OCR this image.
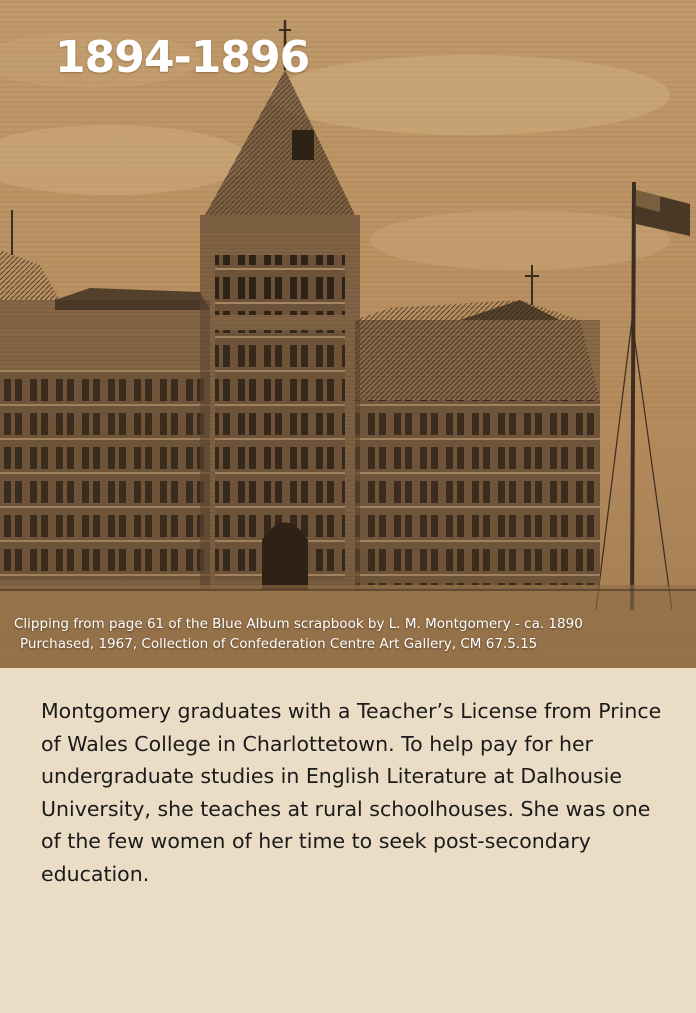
1894-1896
Clipping from page 61 of the Blue Album scrapbook by L. M. Montgomery - ca. 1890
Purchased, 1967, Collection of Confederation Centre Art Gallery, CM 67.5.15

Montgomery graduates with a Teacher’s License from Prince of Wales College in Charlottetown. To help pay for her undergraduate studies in English Literature at Dalhousie University, she teaches at rural schoolhouses. She was one of the few women of her time to seek post-secondary education.
